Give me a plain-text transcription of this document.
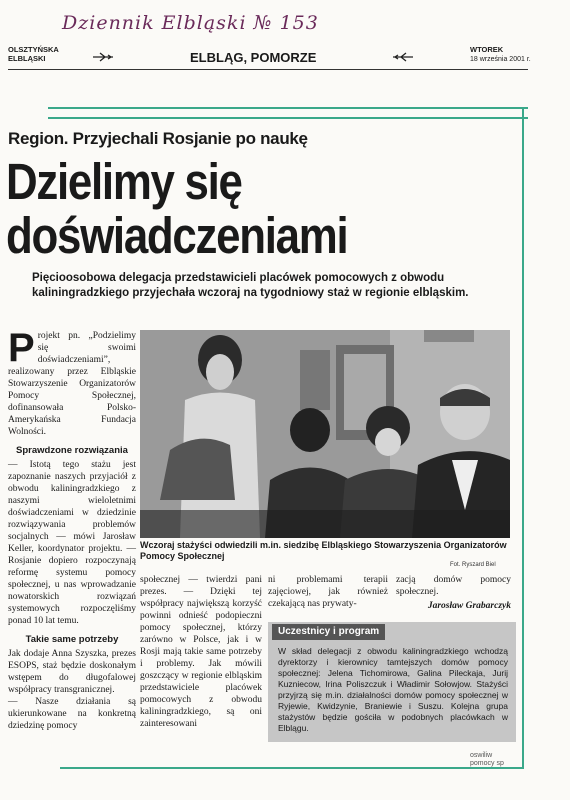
Dziennik Elbląski № 153
OLSZTYŃSKA
ELBLĄSKI	ELBLĄG, POMORZE
WTOREK
18 września 2001 r.
Region. Przyjechali Rosjanie po naukę
Dzielimy się
doświadczeniami
Pięcioosobowa delegacja przedstawicieli placówek pomocowych z obwodu kaliningradzkiego przyjechała wczoraj na tygodniowy staż w regionie elbląskim.
P rojekt pn. „Podzielimy się swoimi doświadczeniami”, realizowany przez Elbląskie Stowarzyszenie Organizatorów Pomocy Społecznej, dofinansowała Polsko-Amerykańska Fundacja Wolności.

Sprawdzone rozwiązania

— Istotą tego stażu jest zapoznanie naszych przyjaciół z obwodu kaliningradzkiego z naszymi wieloletnimi doświadczeniami w dziedzinie rozwiązywania problemów socjalnych — mówi Jarosław Keller, koordynator projektu. — Rosjanie dopiero rozpoczynają reformę systemu pomocy społecznej, u nas wprowadzanie nowatorskich rozwiązań systemowych rozpoczęliśmy ponad 10 lat temu.

Takie same potrzeby

Jak dodaje Anna Szyszka, prezes ESOPS, staż będzie doskonałym wstępem do długofalowej współpracy transgranicznej.

— Nasze działania są ukierunkowane na konkretną dziedzinę pomocy

Wczoraj stażyści odwiedzili m.in. siedzibę Elbląskiego Stowarzyszenia Organizatorów Pomocy Społecznej
Fot. Ryszard Biel
społecznej — twierdzi pani prezes. — Dzięki tej współpracy największą korzyść powinni odnieść podopieczni pomocy społecznej, którzy zarówno w Polsce, jak i w Rosji mają takie same potrzeby i problemy. Jak mówili goszczący w regionie elbląskim przedstawiciele placówek pomocowych z obwodu kaliningradzkiego, są oni zainteresowani
ni problemami terapii zajęciowej, jak również czekającą nas prywaty-
zacją domów pomocy społecznej.
Jarosław Grabarczyk
Uczestnicy i program
W skład delegacji z obwodu kaliningradzkiego wchodzą dyrektorzy i kierownicy tamtejszych domów pomocy społecznej: Jelena Tichomirowa, Galina Pileckaja, Jurij Kuzniecow, Irina Poliszczuk i Władimir Sołowjow. Stażyści przyjrzą się m.in. działalności domów pomocy społecznej w Ryjewie, Kwidzynie, Braniewie i Suszu. Kolejna grupa stażystów będzie gościła w podobnych placówkach w Elblągu.
oswiliw
pomocy sp
